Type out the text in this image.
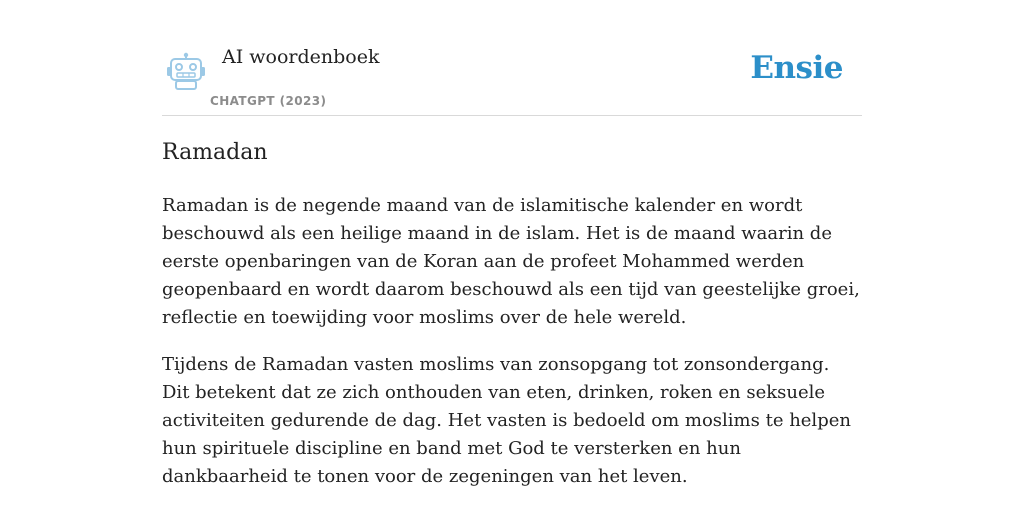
AI woordenboek
CHATGPT (2023)
Ensie
Ramadan

Ramadan is de negende maand van de islamitische kalender en wordt beschouwd als een heilige maand in de islam. Het is de maand waarin de eerste openbaringen van de Koran aan de profeet Mohammed werden geopenbaard en wordt daarom beschouwd als een tijd van geestelijke groei, reflectie en toewijding voor moslims over de hele wereld.

Tijdens de Ramadan vasten moslims van zonsopgang tot zonsondergang. Dit betekent dat ze zich onthouden van eten, drinken, roken en seksuele activiteiten gedurende de dag. Het vasten is bedoeld om moslims te helpen hun spirituele discipline en band met God te versterken en hun dankbaarheid te tonen voor de zegeningen van het leven.
